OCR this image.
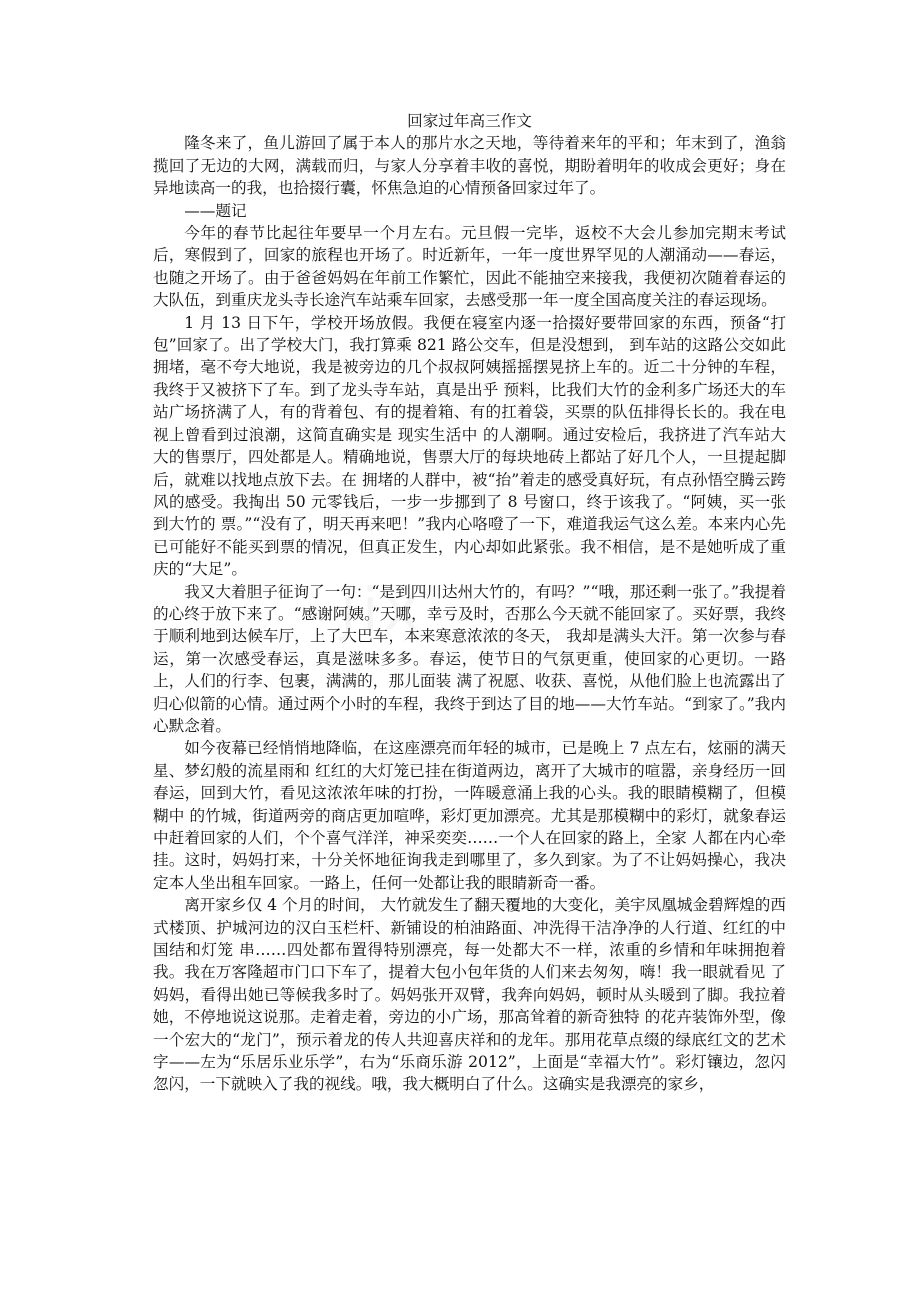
jix
回家过年高三作文

隆冬来了，鱼儿游回了属于本人的那片水之天地，等待着来年的平和；年末到了，渔翁揽回了无边的大网，满载而归，与家人分享着丰收的喜悦，期盼着明年的收成会更好；身在异地读高一的我，也拾掇行囊，怀焦急迫的心情预备回家过年了。

——题记

今年的春节比起往年要早一个月左右。元旦假一完毕，返校不大会儿参加完期末考试后，寒假到了，回家的旅程也开场了。时近新年，一年一度世界罕见的人潮涌动——春运，也随之开场了。由于爸爸妈妈在年前工作繁忙，因此不能抽空来接我，我便初次随着春运的大队伍，到重庆龙头寺长途汽车站乘车回家，去感受那一年一度全国高度关注的春运现场。

1 月 13 日下午，学校开场放假。我便在寝室内逐一拾掇好要带回家的东西，预备“打包”回家了。出了学校大门，我打算乘 821 路公交车，但是没想到， 到车站的这路公交如此拥堵，毫不夸大地说，我是被旁边的几个叔叔阿姨摇摇摆晃挤上车的。近二十分钟的车程，我终于又被挤下了车。到了龙头寺车站，真是出乎 预料，比我们大竹的金利多广场还大的车站广场挤满了人，有的背着包、有的提着箱、有的扛着袋，买票的队伍排得长长的。我在电视上曾看到过浪潮，这简直确实是 现实生活中 的人潮啊。通过安检后，我挤进了汽车站大大的售票厅，四处都是人。精确地说，售票大厅的每块地砖上都站了好几个人，一旦提起脚后，就难以找地点放下去。在 拥堵的人群中，被“抬”着走的感受真好玩，有点孙悟空腾云跨风的感受。我掏出 50 元零钱后，一步一步挪到了 8 号窗口，终于该我了。“阿姨，买一张到大竹的 票。”“没有了，明天再来吧！”我内心咯噔了一下，难道我运气这么差。本来内心先已可能好不能买到票的情况，但真正发生，内心却如此紧张。我不相信，是不是她听成了重庆的“大足”。

我又大着胆子征询了一句：“是到四川达州大竹的，有吗？”“哦，那还剩一张了。”我提着的心终于放下来了。“感谢阿姨。”天哪，幸亏及时，否那么今天就不能回家了。买好票，我终于顺利地到达候车厅，上了大巴车，本来寒意浓浓的冬天， 我却是满头大汗。第一次参与春运，第一次感受春运，真是滋味多多。春运，使节日的气氛更重，使回家的心更切。一路上，人们的行李、包裹，满满的，那儿面装 满了祝愿、收获、喜悦，从他们脸上也流露出了归心似箭的心情。通过两个小时的车程，我终于到达了目的地——大竹车站。“到家了。”我内心默念着。

如今夜幕已经悄悄地降临，在这座漂亮而年轻的城市，已是晚上 7 点左右，炫丽的满天星、梦幻般的流星雨和 红红的大灯笼已挂在街道两边，离开了大城市的喧嚣，亲身经历一回春运，回到大竹，看见这浓浓年味的打扮，一阵暖意涌上我的心头。我的眼睛模糊了，但模糊中 的竹城，街道两旁的商店更加喧哗，彩灯更加漂亮。尤其是那模糊中的彩灯，就象春运中赶着回家的人们，个个喜气洋洋，神采奕奕……一个人在回家的路上，全家 人都在内心牵挂。这时，妈妈打来，十分关怀地征询我走到哪里了，多久到家。为了不让妈妈操心，我决定本人坐出租车回家。一路上，任何一处都让我的眼睛新奇一番。

离开家乡仅 4 个月的时间， 大竹就发生了翻天覆地的大变化，美宇凤凰城金碧辉煌的西式楼顶、护城河边的汉白玉栏杆、新铺设的柏油路面、冲洗得干洁净净的人行道、红红的中国结和灯笼 串……四处都布置得特别漂亮，每一处都大不一样，浓重的乡情和年味拥抱着我。我在万客隆超市门口下车了，提着大包小包年货的人们来去匆匆，嗨！我一眼就看见 了妈妈，看得出她已等候我多时了。妈妈张开双臂，我奔向妈妈，顿时从头暖到了脚。我拉着她，不停地说这说那。走着走着，旁边的小广场，那高耸着的新奇独特 的花卉装饰外型，像一个宏大的“龙门”，预示着龙的传人共迎喜庆祥和的龙年。那用花草点缀的绿底红文的艺术字——左为“乐居乐业乐学”，右为“乐商乐游 2012”，上面是“幸福大竹”。彩灯镶边，忽闪忽闪，一下就映入了我的视线。哦，我大概明白了什么。这确实是我漂亮的家乡，
